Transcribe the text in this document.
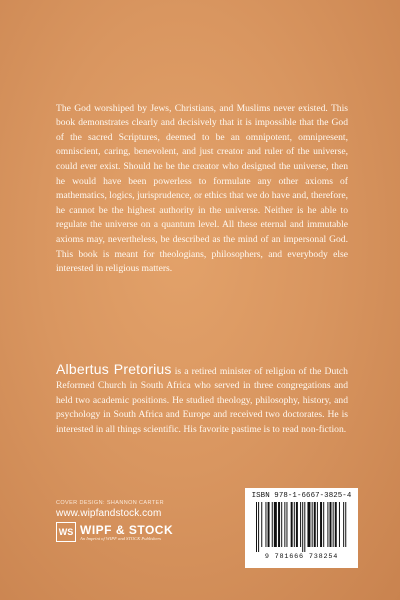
The God worshiped by Jews, Christians, and Muslims never existed. This book demonstrates clearly and decisively that it is impossible that the God of the sacred Scriptures, deemed to be an omnipotent, omnipresent, omniscient, caring, benevolent, and just creator and ruler of the universe, could ever exist. Should he be the creator who designed the universe, then he would have been powerless to formulate any other axioms of mathematics, logics, jurisprudence, or ethics that we do have and, therefore, he cannot be the highest authority in the universe. Neither is he able to regulate the universe on a quantum level. All these eternal and immutable axioms may, nevertheless, be described as the mind of an impersonal God. This book is meant for theologians, philosophers, and everybody else interested in religious matters.

Albertus Pretorius is a retired minister of religion of the Dutch Reformed Church in South Africa who served in three congregations and held two academic positions. He studied theology, philosophy, history, and psychology in South Africa and Europe and received two doctorates. He is interested in all things scientific. His favorite pastime is to read non-fiction.

COVER DESIGN: SHANNON CARTER
www.wipfandstock.com
WS WIPF & STOCK
An Imprint of WIPF and STOCK Publishers
ISBN 978-1-6667-3825-4
9 781666 738254
